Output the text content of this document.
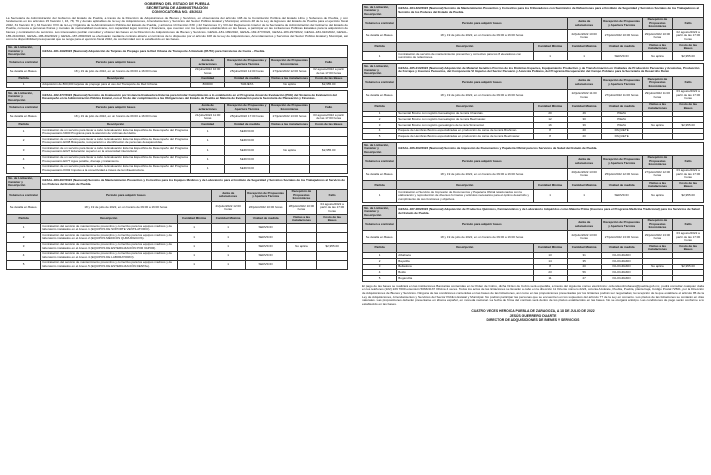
GOBIERNO DEL ESTADO DE PUEBLA
SECRETARÍA DE ADMINISTRACIÓN
CONVOCATORIA NO. 45/2022
La Secretaría de Administración del Gobierno del Estado de Puebla, a través de la Dirección de Adquisiciones de Bienes y Servicios, en observancia del artículo 108 de la Constitución Política del Estado Libre y Soberano de Puebla, y con fundamento en los artículos 15 fracción I, 16, 78, 79 y demás aplicables de la Ley de Adquisiciones, Arrendamientos y Servicios del Sector Público Estatal y Municipal, artículo 48 de la Ley de Egresos del Estado de Puebla para el ejercicio fiscal 2022, 31 fracción III y 34 fracción XVII de la Ley Orgánica de la Administración Pública del Estado de Puebla, y artículos 13 fracción XXII y 22 fracciones II y VIII del Reglamento Interior de la Secretaría de Administración del Gobierno del Estado de Puebla, convoca a personas físicas y morales de nacionalidad mexicana, con capacidad legal, técnica y financiera, que cuenten con los requisitos establecidos en las bases, a participar en las Licitaciones Públicas Estatales para la adquisición de bienes y contratación de servicios. Los interesados podrán consultar y obtener las bases en la Dirección de Adquisiciones de Bienes y Servicios. GESAL-181-199/2022, GESAL-182-377/2022, GESAL-183-297/2022, GESAL-184-322/2022, GESAL-185-210/2022, GESAL-186-302/2022 y GESAL-187-280/2022 se efectuarán mediante contrato abierto en términos de lo dispuesto por el artículo 108 de la Ley de Adquisiciones, Arrendamientos y Servicios del Sector Público Estatal y Municipal, así como la disponibilidad presupuestal que se tenga para el ejercicio fiscal 2022, de conformidad con lo establecido en las bases.
No. de Licitación, Carácter y Descripción	GESAL-181-199/2022 (Nacional) Adquisición de Tarjetas de Prepago para la Red Urbana de Transporte Articulado (RUTA) para Carreteras de Cuota – Puebla.				
Volumen a contratar	Periodo para adquirir bases	Junta de aclaraciones	Recepción de Propuestas y Apertura Técnica	Recepción de Propuestas Económicas	Fallo
Se detalla en Bases.	18 y 19 de julio de 2022, en un horario de 09:00 a 16:00 horas	21/julio/2022 10:00 horas	25/julio/2022 12:00 horas	27/julio/2022 12:00 horas	02 agosto/2022 a partir de las 17:00 horas
Partida	Descripción	Cantidad	Unidad de medida	Visitas a las instalaciones	Costo de las Bases
1	Adquisición de 800,000 tarjetas de prepago para el uso del Transporte de Red Urbana.	800000	TARJETA	No aplica	$2,955.00
No. de Licitación, Carácter y Descripción	GESAL-182-377/2022 (Nacional) Servicio de Evaluación por Instancia Evaluadora Externa para brindar Cumplimiento a lo establecido en el Programa Anual de Evaluación (PAE) del Sistema de Evaluación del Desempeño en la Administración Pública Estatal, con el fin de dar cumplimiento a las Obligaciones del Estado de Puebla en Materia de Evaluación para la Secretaría de Planeación y Finanzas.				
Volumen a contratar	Periodo para adquirir bases	Junta de aclaraciones	Recepción de Propuestas y Apertura Técnica	Recepción de Propuestas Económicas	Fallo
Se detalla en Bases.	18 y 19 de julio de 2022, en un horario de 09:00 a 16:00 horas	21/julio/2022 11:00 horas	25/julio/2022 17:00 horas	27/julio/2022 13:00 horas	03 agosto/2022 a partir de las 17:00 horas
Partida	Descripción	Cantidad	Unidad de medida	Visitas a las instalaciones	Costo de las Bases
1	Contratación de un servicio para llevar a cabo la Evaluación Externa Específica de Desempeño del Programa Presupuestario N000 Programa para la atención de víctimas del delito.	1	SERVICIO		
2	Contratación de un servicio para llevar a cabo la Evaluación Externa Específica de Desempeño del Programa Presupuestario E008 Búsqueda, recuperación e identificación de personas desaparecidas.	1	SERVICIO		
3	Contratación de un servicio para llevar a cabo la Evaluación Externa Específica de Desempeño del Programa Presupuestario E027 Educación superior en la universidad intercultural.	1	SERVICIO	No aplica	$2,955.00
4	Contratación de un servicio para llevar a cabo la Evaluación Externa Específica de Desempeño del Programa Presupuestario E077 Agua potable, drenaje y tratamiento.	1	SERVICIO		
5	Contratación de un servicio para llevar a cabo la Evaluación Externa Específica de Desempeño del Programa Presupuestario K002 Impulso a la conectividad a través de la infraestructura.	1	SERVICIO		
No. de Licitación, Carácter y Descripción	GESAL-183-297/2022 (Nacional) Servicio de Mantenimiento Preventivo y Correctivo para los Equipos Médicos y de Laboratorio para el Instituto de Seguridad y Servicios Sociales de los Trabajadores al Servicio de los Poderes del Estado de Puebla.					
Volumen a contratar	Periodo para adquirir bases		Junta de aclaraciones	Recepción de Propuestas y Apertura Técnica	Recepción de Propuestas Económicas	Fallo
Se detalla en Bases.	18 y 19 de julio de 2022, en un horario de 09:00 a 16:00 horas		21/julio/2022 12:00 horas	26/julio/2022 10:00 horas	28/julio/2022 10:00 horas	04 agosto/2022 a partir de las 17:00 horas
Partida	Descripción	Cantidad Mínima	Cantidad Máxima	Unidad de medida	Visitas a las instalaciones	Costo de las Bases
1	Contratación del servicio de mantenimiento preventivo y correctivo para los equipos médicos y de laboratorio instalados en el Anexo 1 (EQUIPOS DE SOPORTE VENTILATORIO).	1	1	SERVICIO		
2	Contratación del servicio de mantenimiento preventivo y correctivo para los equipos médicos y de laboratorio instalados en el Anexo 2 (EQUIPOS MÉDICOS QUIRÚRGICOS).	1	1	SERVICIO		
3	Contratación del servicio de mantenimiento preventivo y correctivo para los equipos médicos y de laboratorio instalados en el Anexo 3 (EQUIPOS DE ESTERILIZACIÓN POR VAPOR).	1	1	SERVICIO	No aplica	$2,955.00
4	Contratación del servicio de mantenimiento preventivo y correctivo para los equipos médicos y de laboratorio instalados en el Anexo 4 (EQUIPOS DE LABORATORIO).	1	1	SERVICIO		
5	Contratación del servicio de mantenimiento preventivo y correctivo para los equipos médicos y de laboratorio instalados en el Anexo 5 (EQUIPOS DE ESTERILIZACIÓN DENTAL).	1	1	SERVICIO		
No. de Licitación, Carácter y Descripción	GESAL-184-322/2022 (Nacional) Servicio de Mantenimiento Preventivo y Correctivo para los 8 Elevadores con Suministro de Refacciones para el Instituto de Seguridad y Servicios Sociales de los Trabajadores al Servicio de los Poderes del Estado de Puebla.					
Volumen a contratar	Periodo para adquirir bases		Junta de aclaraciones	Recepción de Propuestas y Apertura Técnica	Recepción de Propuestas Económicas	Fallo
Se detalla en Bases.	18 y 19 de julio de 2022, en un horario de 09:00 a 16:00 horas		22/julio/2022 10:00 horas	27/julio/2022 10:00 horas	29/julio/2022 10:00 horas	02 agosto/2022 a partir de las 17:00 horas
Partida	Descripción	Cantidad Mínima	Cantidad Máxima	Unidad de medida	Visitas a las instalaciones	Costo de las Bases
1	Contratación de servicio de mantenimiento preventivo y correctivo para los 8 elevadores con suministro de refacciones.	1	1	SERVICIO	No aplica	$2,955.00
No. de Licitación, Carácter y Descripción	GESAL-185-210/2022 (Nacional) Adquisición de Material Genético Porcino de los Distintas Especies, Equipamiento Productivo y de Transformación en Unidades de Producción Pecuarias y Acuícolas, Producción de Forrajes y Insumos Pecuarios, del Componente VI Impulso del Sector Pecuario y Acuícola Poblano, del Programa Recuperación del Campo Poblano para la Secretaría de Desarrollo Rural.					
Volumen a contratar	Periodo para adquirir bases		Junta de aclaraciones	Recepción de Propuestas y Apertura Técnica	Recepción de Propuestas Económicas	Fallo
Se detalla en Bases.	18 y 19 de julio de 2022, en un horario de 09:00 a 16:00 horas		22/julio/2022 11:00 horas	27/julio/2022 11:00 horas	29/julio/2022 11:00 horas	03 agosto/2022 a partir de las 17:00 horas
Partida	Descripción	Cantidad Mínima	Cantidad Máxima	Unidad de medida	Visitas a las instalaciones	Costo de las Bases
1	Semental Bovino con registro Genealógico de la raza Charolais.	20	49	PIEZA		
2	Semental Bovino con registro Genealógico de la raza Beefmaster.	12	30	PIEZA		
3	Semental Bovino con registro genealógico de la raza Simmental.	16	39	PIEZA	No aplica	$2,955.00
4	Paquete de Hembras Bovino especializadas en producción de carne de la raza Brahman.	8	20	PAQUETE		
5	Paquete de Hembras Bovino especializadas en producción de carne de la raza Beefmaster.	8	20	PAQUETE		
No. de Licitación, Carácter y Descripción	GESAL-186-302/2022 (Nacional) Servicio de Impresión de Documentos y Papelería Oficial para los Servicios de Salud del Estado de Puebla.					
Volumen a contratar	Periodo para adquirir bases		Junta de aclaraciones	Recepción de Propuestas y Apertura Técnica	Recepción de Propuestas Económicas	Fallo
Se detalla en Bases.	18 y 19 de julio de 2022, en un horario de 09:00 a 16:00 horas		20/julio/2022 13:00 horas	25/julio/2022 12:00 horas	27/julio/2022 12:00 horas	03 agosto/2022 a partir de las 17:00 horas
Partida	Descripción	Cantidad Mínima	Cantidad Máxima	Unidad de medida	Visitas a las instalaciones	Costo de las Bases
1	Contratación el Servicio de Impresión de Documentos y Papelería Oficial relacionados con la elaboración y reproducción de diversos formatos y artículos necesarios para el óptimo desarrollo y cumplimiento de sus funciones y objetivos.	1	1	SERVICIO	No aplica	$2,955.00
No. de Licitación, Carácter y Descripción	GESAL-187-280/2022 (Nacional) Adquisición de Productos Químicos, Farmacéuticos y de Laboratorio Adquiridos como Materia Prima (Insumos para el Programa Medicina Tradicional) para los Servicios de Salud del Estado de Puebla.					
Volumen a contratar	Periodo para adquirir bases		Junta de aclaraciones	Recepción de Propuestas y Apertura Técnica	Recepción de Propuestas Económicas	Fallo
Se detalla en Bases.	18 y 19 de julio de 2022, en un horario de 09:00 a 16:00 horas		22/julio/2022 13:00 horas	27/julio/2022 13:00 horas	29/julio/2022 13:00 horas	03 agosto/2022 a partir de las 17:00 horas
Partida	Descripción	Cantidad Mínima	Cantidad Máxima	Unidad de medida	Visitas a las instalaciones	Costo de las Bases
1	Albahaca	13	31	KILOGRAMO		
2	Bayetilla	14	35	KILOGRAMO		
3	Belladona	8	20	KILOGRAMO	No aplica	$2,955.00
4	Boldo	23	56	KILOGRAMO		
5	Buganvilia	11	27	KILOGRAMO		
El pago de las bases se realizará en las instituciones Bancarias contenidas en la Orden de Cobro, dicha Orden de Cobro será expedida, a través del siguiente correo electrónico: ordendecobrobases@puebla.gob.mx, podrá consultar cualquier duda en los teléfonos (222) 229 7000 extensión 5063/4137 Oficina 4 veces. Todos los actos de las licitaciones se llevarán a cabo en la dirección 11 Oriente número 2224, colonia Azcárate, Puebla, Puebla, planta baja, Código Postal 72501, por la Dirección de Adquisiciones de Bienes y Servicios. Ninguna de las condiciones contenidas en las bases de las licitaciones, así como en las proposiciones presentadas por los licitantes podrán ser negociadas; la recepción de la que establece el artículo 85 de la Ley de Adquisiciones, Arrendamientos y Servicios del Sector Público Estatal y Municipal. No podrán participar las personas que se encuentren en los supuestos del artículo 77 de la Ley en comento. Los plazos de las licitaciones se contarán en días naturales. Las proposiciones deberán presentarse en idioma español, en moneda nacional. La fecha de firma del contrato será dentro de los plazos establecidos en las bases. No se otorgará anticipo. Las condiciones de pago serán conforme a lo establecido en las bases.
CUATRO VECES HEROICA PUEBLA DE ZARAGOZA, A 18 DE JULIO DE 2022
JESÚS GUERRERO DUARTE
DIRECTOR DE ADQUISICIONES DE BIENES Y SERVICIOS
